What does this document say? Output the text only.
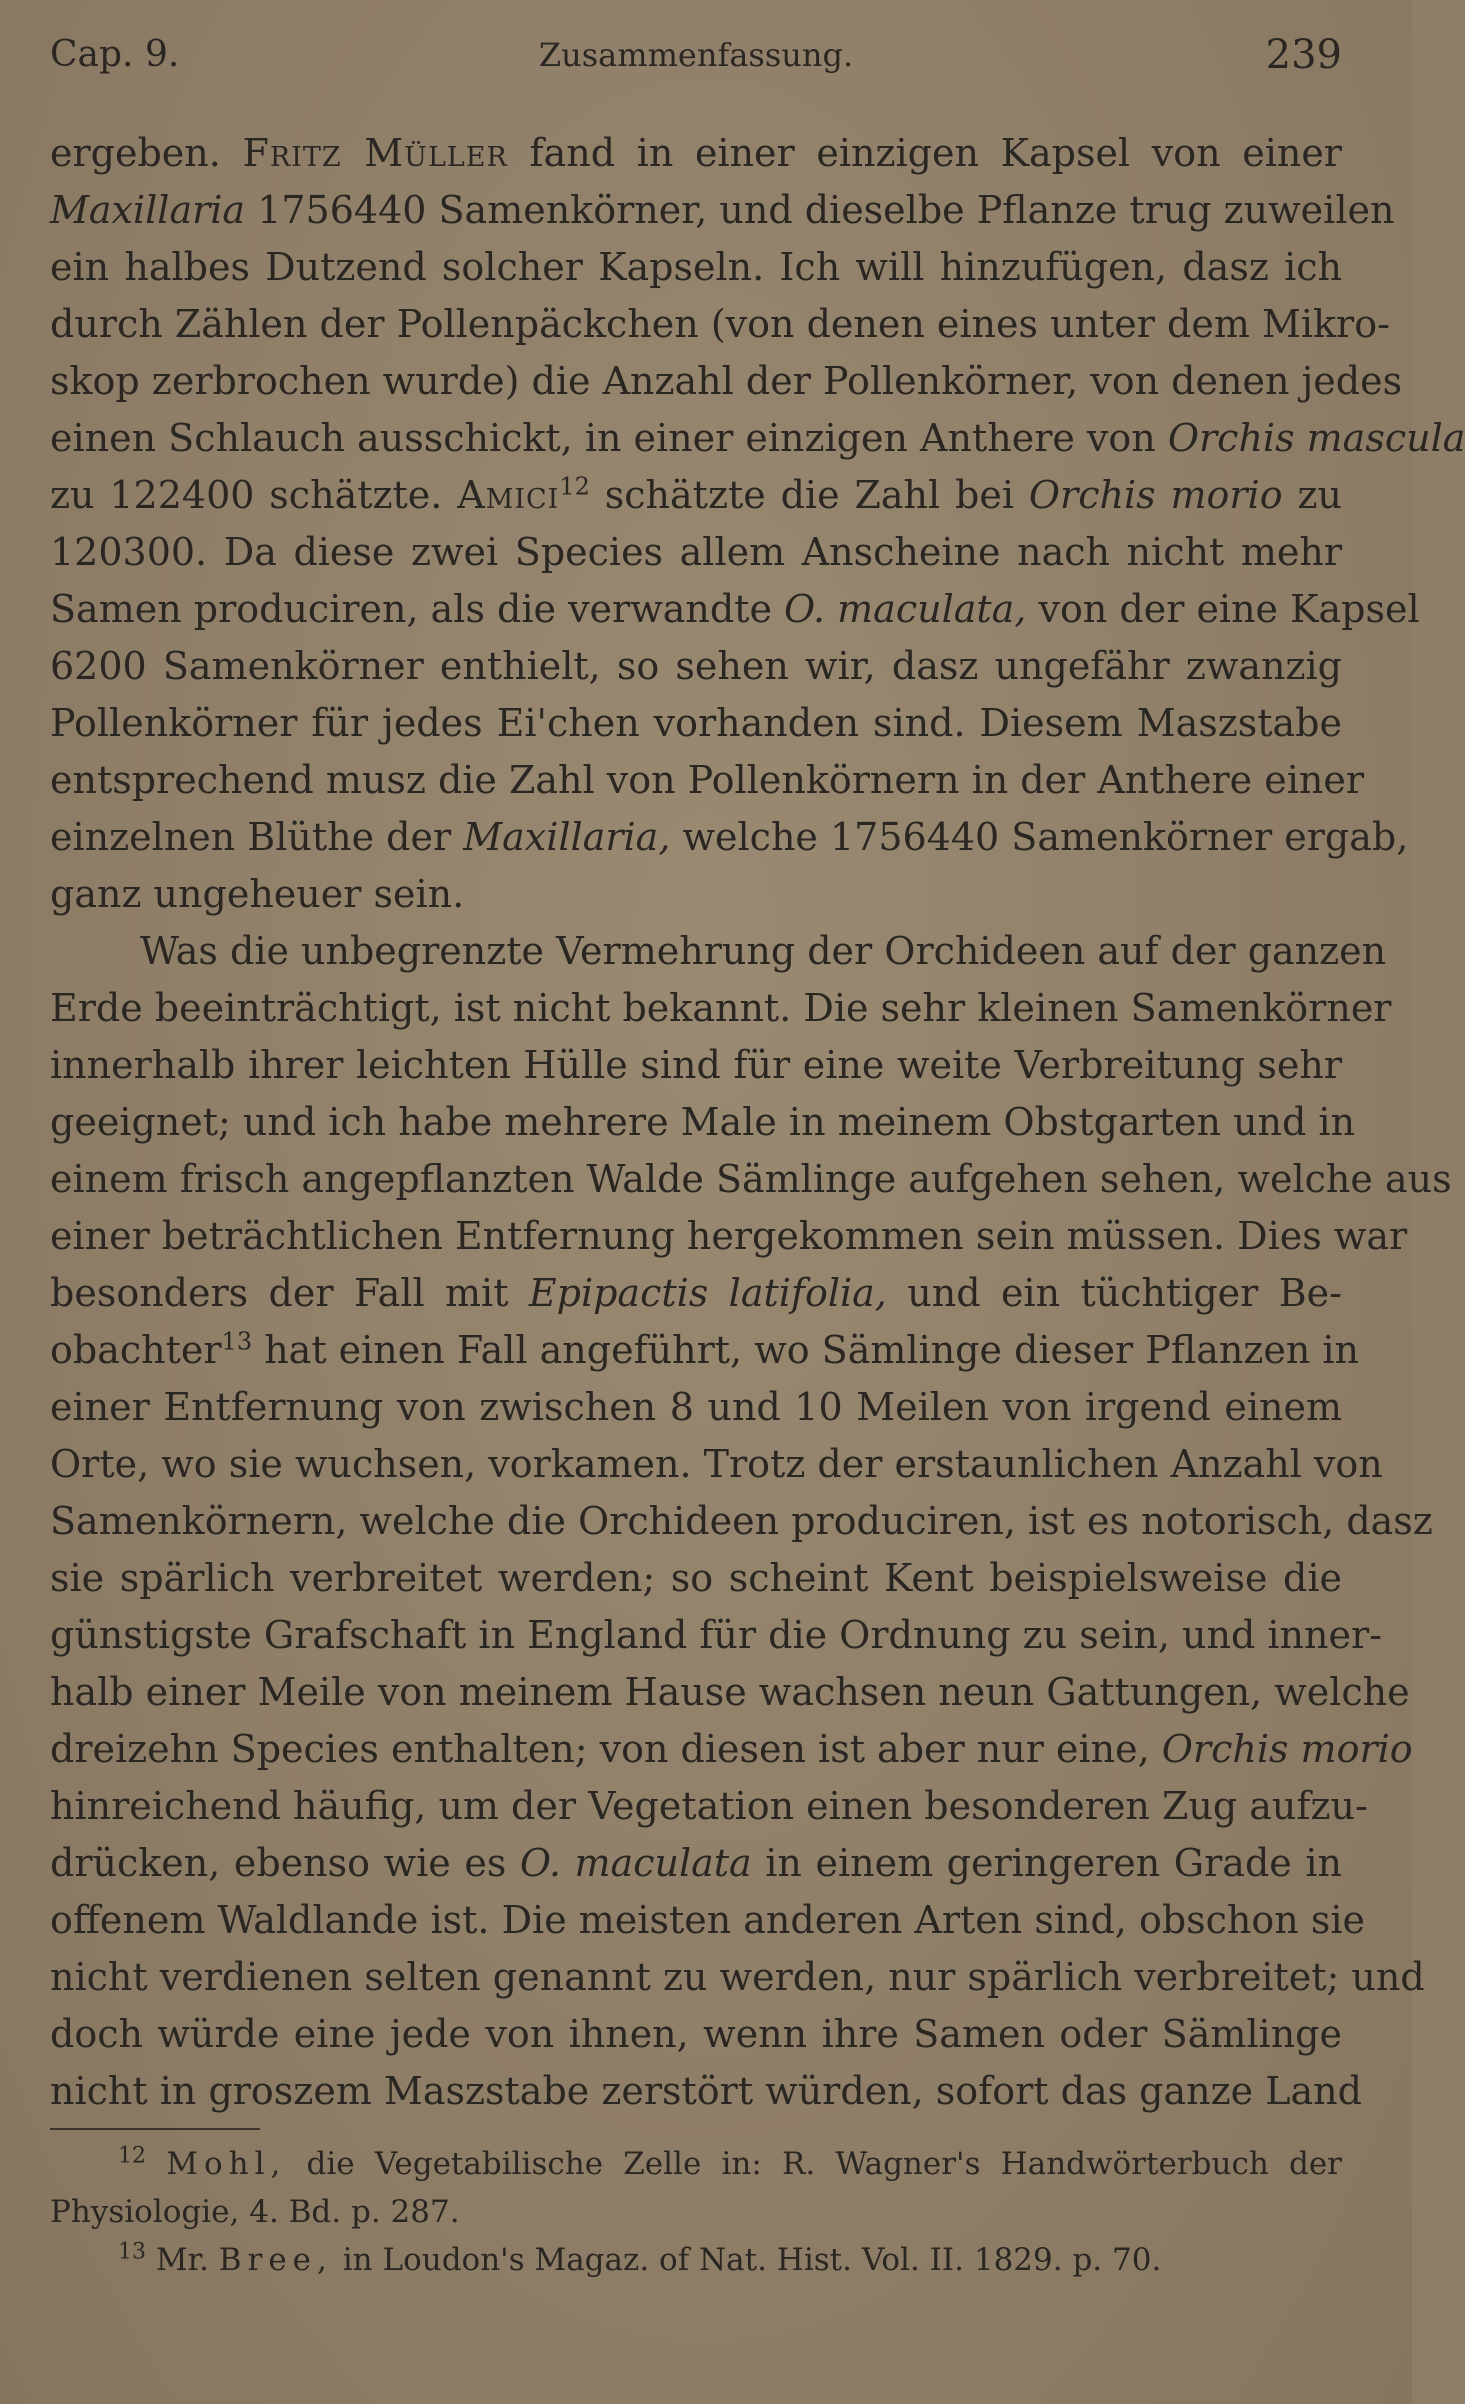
Cap. 9.	Zusammenfassung.	239
ergeben. Fritz Müller fand in einer einzigen Kapsel von einer
Maxillaria 1756440 Samenkörner, und dieselbe Pflanze trug zuweilen
ein halbes Dutzend solcher Kapseln. Ich will hinzufügen, dasz ich
durch Zählen der Pollenpäckchen (von denen eines unter dem Mikro-
skop zerbrochen wurde) die Anzahl der Pollenkörner, von denen jedes
einen Schlauch ausschickt, in einer einzigen Anthere von Orchis mascula
zu 122400 schätzte. Amici$^{12}$ schätzte die Zahl bei Orchis morio zu
120300. Da diese zwei Species allem Anscheine nach nicht mehr
Samen produciren, als die verwandte O. maculata, von der eine Kapsel
6200 Samenkörner enthielt, so sehen wir, dasz ungefähr zwanzig
Pollenkörner für jedes Ei'chen vorhanden sind. Diesem Maszstabe
entsprechend musz die Zahl von Pollenkörnern in der Anthere einer
einzelnen Blüthe der Maxillaria, welche 1756440 Samenkörner ergab,
ganz ungeheuer sein.
Was die unbegrenzte Vermehrung der Orchideen auf der ganzen
Erde beeinträchtigt, ist nicht bekannt. Die sehr kleinen Samenkörner
innerhalb ihrer leichten Hülle sind für eine weite Verbreitung sehr
geeignet; und ich habe mehrere Male in meinem Obstgarten und in
einem frisch angepflanzten Walde Sämlinge aufgehen sehen, welche aus
einer beträchtlichen Entfernung hergekommen sein müssen. Dies war
besonders der Fall mit Epipactis latifolia, und ein tüchtiger Be-
obachter$^{13}$ hat einen Fall angeführt, wo Sämlinge dieser Pflanzen in
einer Entfernung von zwischen 8 und 10 Meilen von irgend einem
Orte, wo sie wuchsen, vorkamen. Trotz der erstaunlichen Anzahl von
Samenkörnern, welche die Orchideen produciren, ist es notorisch, dasz
sie spärlich verbreitet werden; so scheint Kent beispielsweise die
günstigste Grafschaft in England für die Ordnung zu sein, und inner-
halb einer Meile von meinem Hause wachsen neun Gattungen, welche
dreizehn Species enthalten; von diesen ist aber nur eine, Orchis morio
hinreichend häufig, um der Vegetation einen besonderen Zug aufzu-
drücken, ebenso wie es O. maculata in einem geringeren Grade in
offenem Waldlande ist. Die meisten anderen Arten sind, obschon sie
nicht verdienen selten genannt zu werden, nur spärlich verbreitet; und
doch würde eine jede von ihnen, wenn ihre Samen oder Sämlinge
nicht in groszem Maszstabe zerstört würden, sofort das ganze Land
$^{12}$ Mohl, die Vegetabilische Zelle in: R. Wagner's Handwörterbuch der
Physiologie, 4. Bd. p. 287.
$^{13}$ Mr. Bree, in Loudon's Magaz. of Nat. Hist. Vol. II. 1829. p. 70.
